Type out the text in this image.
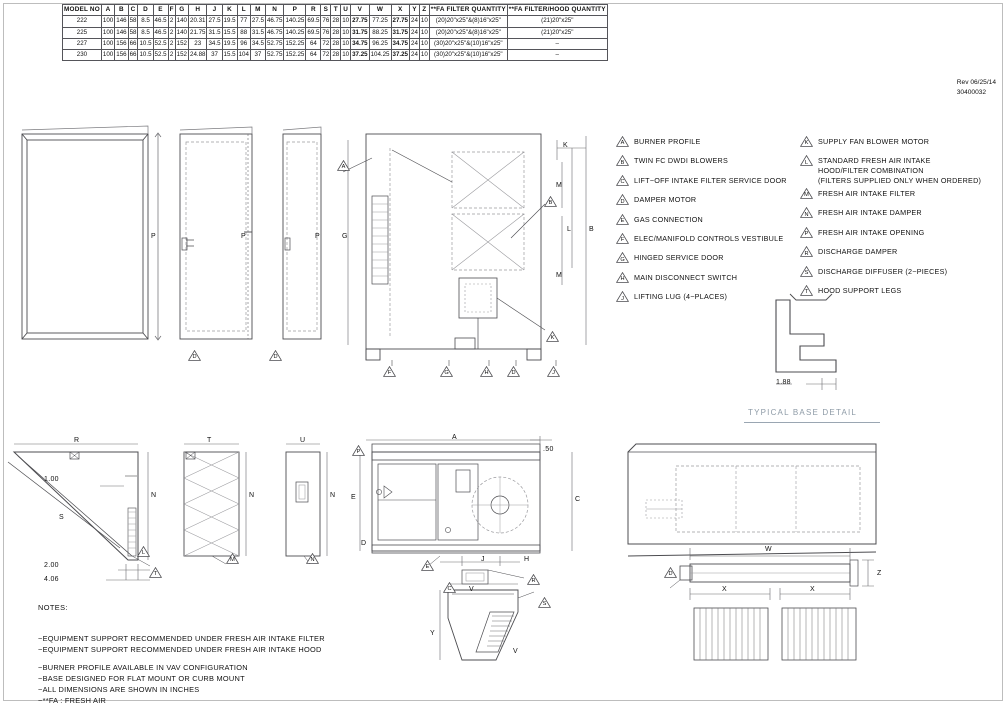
MODEL NO	A	B	C	D	E	F	G	H	J	K	L	M	N	P	R	S	T	U	V	W	X	Y	Z	**FA FILTER QUANTITY	**FA FILTER/HOOD QUANTITY
222	100	146	58	8.5	46.5	2	140	20.31	27.5	19.5	77	27.5	46.75	140.25	69.5	76	28	10	27.75	77.25	27.75	24	10	(20)20"x25"&(8)16"x25"	(21)20"x25"
225	100	146	58	8.5	46.5	2	140	21.75	31.5	15.5	88	31.5	46.75	140.25	69.5	76	28	10	31.75	88.25	31.75	24	10	(20)20"x25"&(8)16"x25"	(21)20"x25"
227	100	156	66	10.5	52.5	2	152	23	34.5	19.5	96	34.5	52.75	152.25	64	72	28	10	34.75	96.25	34.75	24	10	(30)20"x25"&(10)16"x25"	–
230	100	156	66	10.5	52.5	2	152	24.88	37	15.5	104	37	52.75	152.25	64	72	28	10	37.25	104.25	37.25	24	10	(30)20"x25"&(10)16"x25"	–
Rev 06/25/14
30400032
A	BURNER PROFILE
B	TWIN FC DWDI BLOWERS
C	LIFT−OFF INTAKE FILTER SERVICE DOOR
D	DAMPER MOTOR
E	GAS CONNECTION
F	ELEC/MANIFOLD CONTROLS VESTIBULE
G	HINGED SERVICE DOOR
H	MAIN DISCONNECT SWITCH
J	LIFTING LUG (4−PLACES)
K	SUPPLY FAN BLOWER MOTOR
L	STANDARD FRESH AIR INTAKE
HOOD/FILTER COMBINATION
(FILTERS SUPPLIED ONLY WHEN ORDERED)
M	FRESH AIR INTAKE FILTER
N	FRESH AIR INTAKE DAMPER
P	FRESH AIR INTAKE OPENING
R	DISCHARGE DAMPER
S	DISCHARGE DIFFUSER (2−PIECES)
T	HOOD SUPPORT LEGS
P	P	P	G
K
M
L
M
B
R	T	U
N	N	N
S
1.00
2.00
4.06
A
E	C
D
J	H
.50
V
V
Y
W
Z
X	X
1.88
A
D	D
B
K
F	G	H	D	J
P
L
T
M	N
E
C
R
S
D
TYPICAL BASE DETAIL
NOTES:
−EQUIPMENT SUPPORT RECOMMENDED UNDER FRESH AIR INTAKE FILTER
−EQUIPMENT SUPPORT RECOMMENDED UNDER FRESH AIR INTAKE HOOD
−BURNER PROFILE AVAILABLE IN VAV CONFIGURATION
−BASE DESIGNED FOR FLAT MOUNT OR CURB MOUNT
−ALL DIMENSIONS ARE SHOWN IN INCHES
−**FA : FRESH AIR
